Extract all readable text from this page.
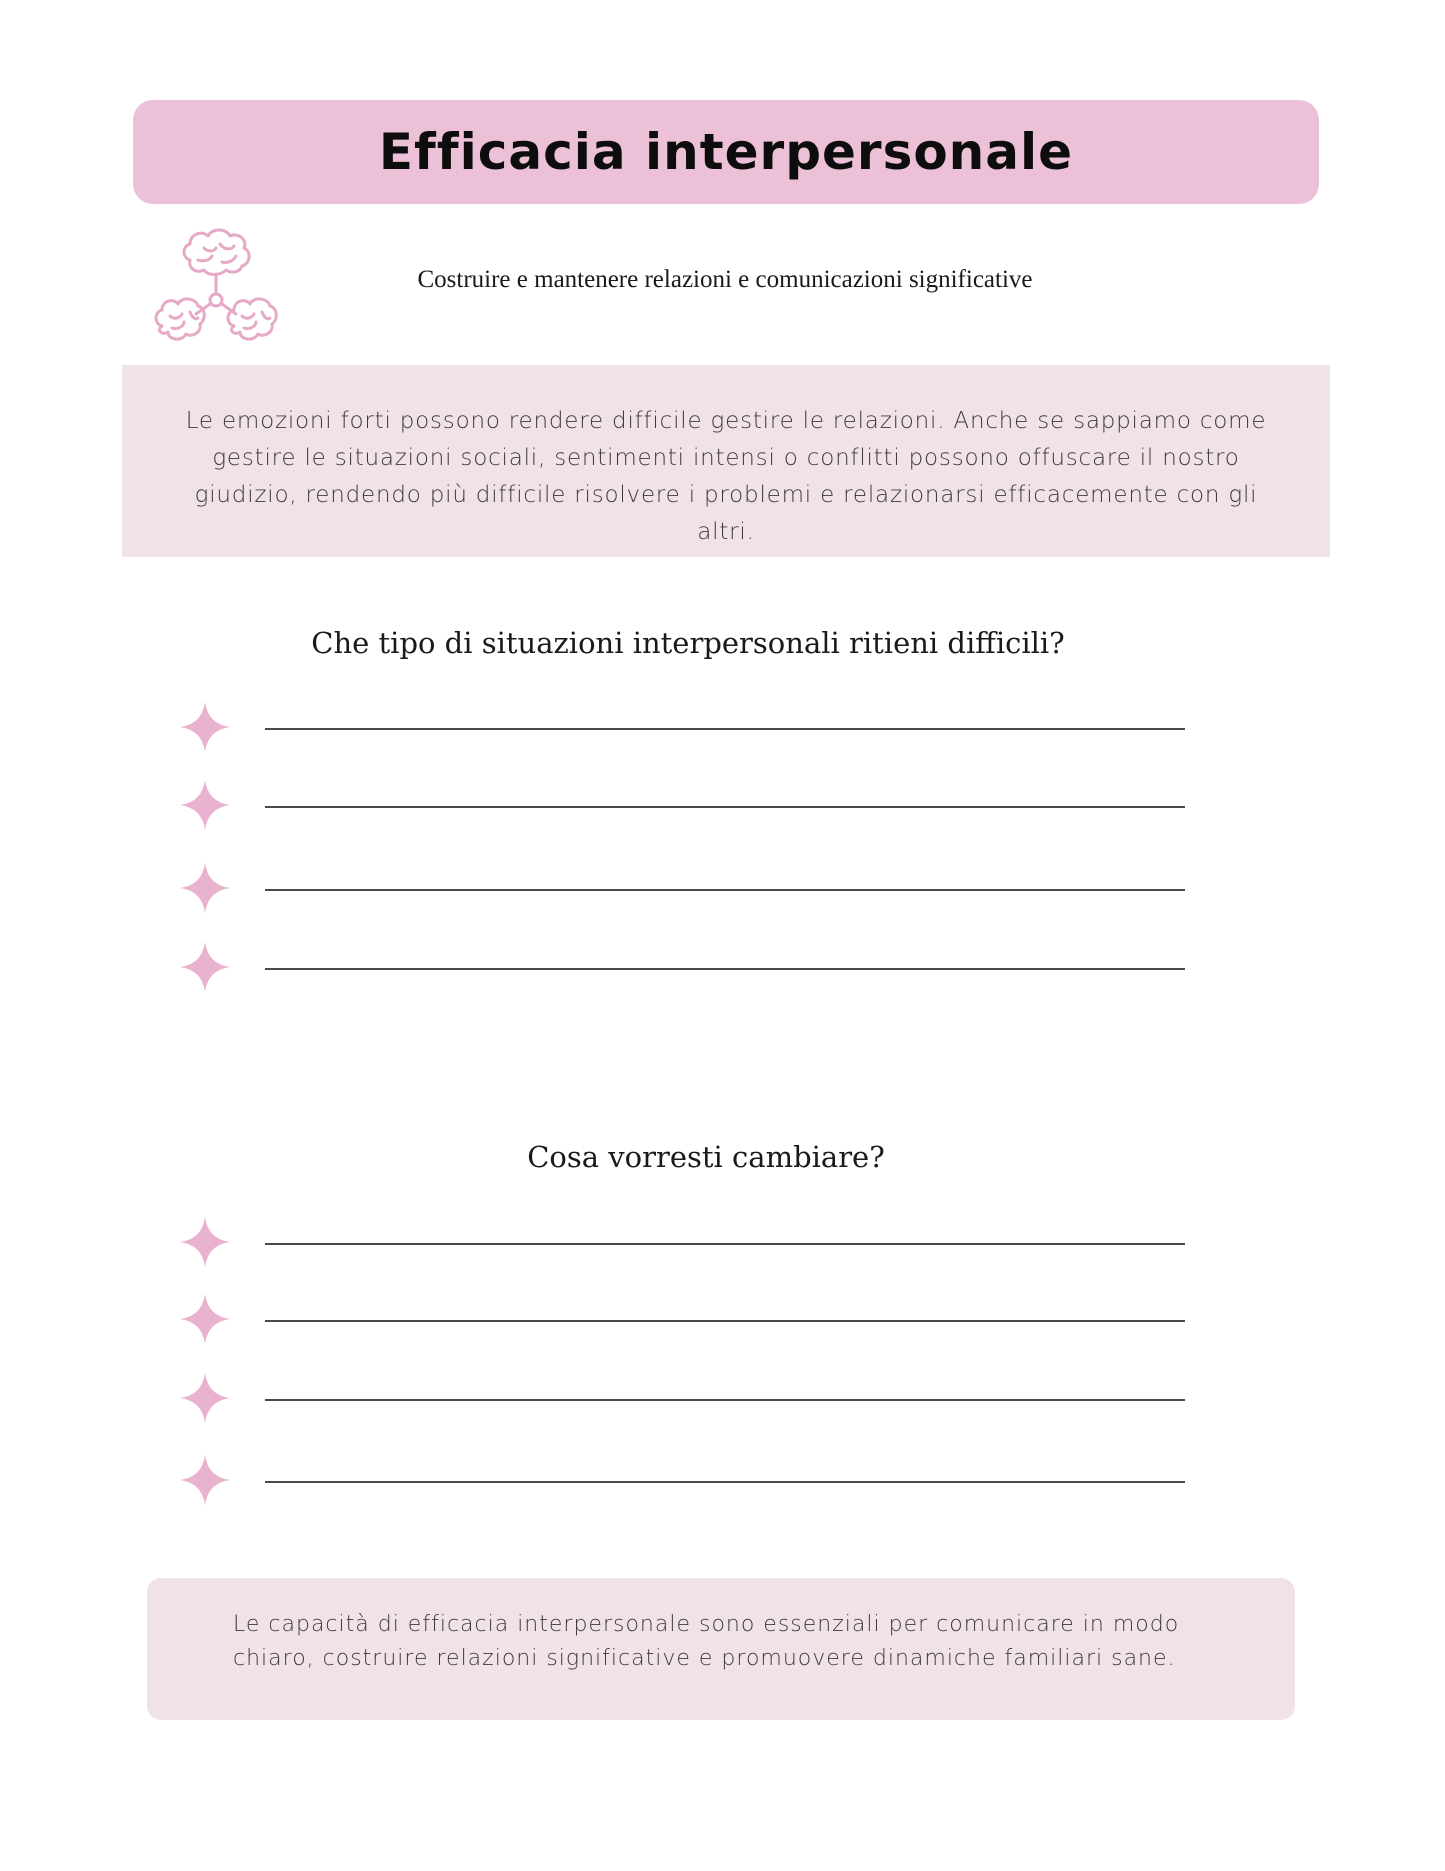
Efficacia interpersonale
Costruire e mantenere relazioni e comunicazioni significative
Le emozioni forti possono rendere difficile gestire le relazioni. Anche se sappiamo come gestire le situazioni sociali, sentimenti intensi o conflitti possono offuscare il nostro giudizio, rendendo più difficile risolvere i problemi e relazionarsi efficacemente con gli altri.
Che tipo di situazioni interpersonali ritieni difficili?
Cosa vorresti cambiare?
Le capacità di efficacia interpersonale sono essenziali per comunicare in modo chiaro, costruire relazioni significative e promuovere dinamiche familiari sane.
